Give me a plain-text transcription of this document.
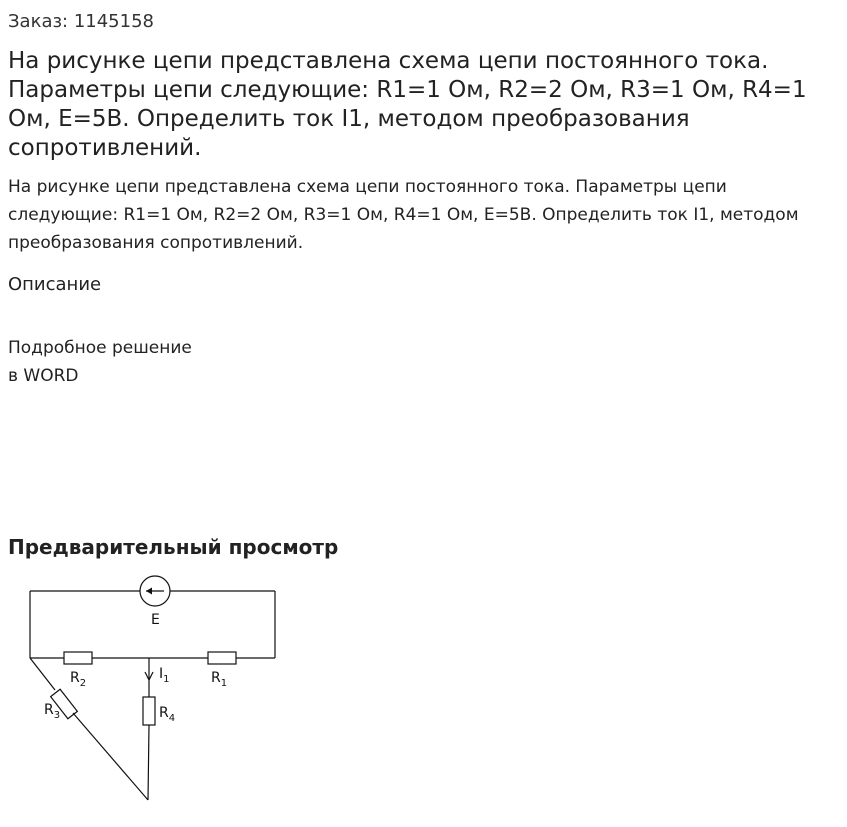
Заказ: 1145158
На рисунке цепи представлена схема цепи постоянного тока. Параметры цепи следующие: R1=1 Ом, R2=2 Ом, R3=1 Ом, R4=1 Ом, E=5В. Определить ток I1, методом преобразования сопротивлений.
На рисунке цепи представлена схема цепи постоянного тока. Параметры цепи следующие: R1=1 Ом, R2=2 Ом, R3=1 Ом, R4=1 Ом, E=5В. Определить ток I1, методом преобразования сопротивлений.
Описание
Подробное решение
в WORD
Предварительный просмотр
E
$R_2$	$R_1$
$R_4$
$R_3$
$I_1$
